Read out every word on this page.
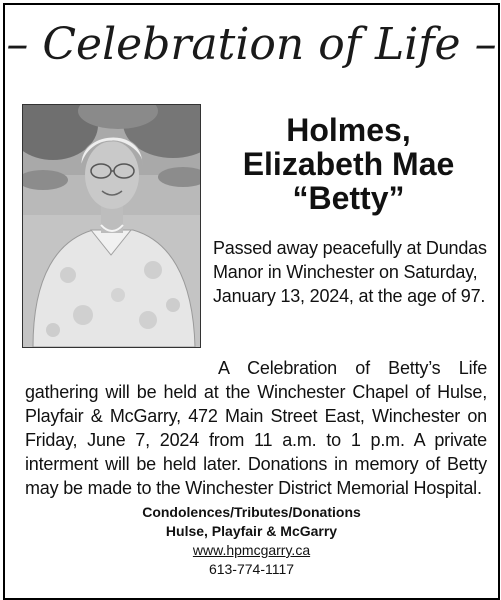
– Celebration of Life –
Holmes,
Elizabeth Mae
“Betty”
Passed away peacefully at Dundas Manor in Winchester on Saturday, January 13, 2024, at the age of 97.
A Celebration of Betty’s Life
gathering will be held at the Winchester Chapel of Hulse, Playfair & McGarry, 472 Main Street East, Winchester on Friday, June 7, 2024 from 11 a.m. to 1 p.m. A private interment will be held later. Donations in memory of Betty may be made to the Winchester District Memorial Hospital.
Condolences/Tributes/Donations
Hulse, Playfair & McGarry
www.hpmcgarry.ca
613-774-1117
